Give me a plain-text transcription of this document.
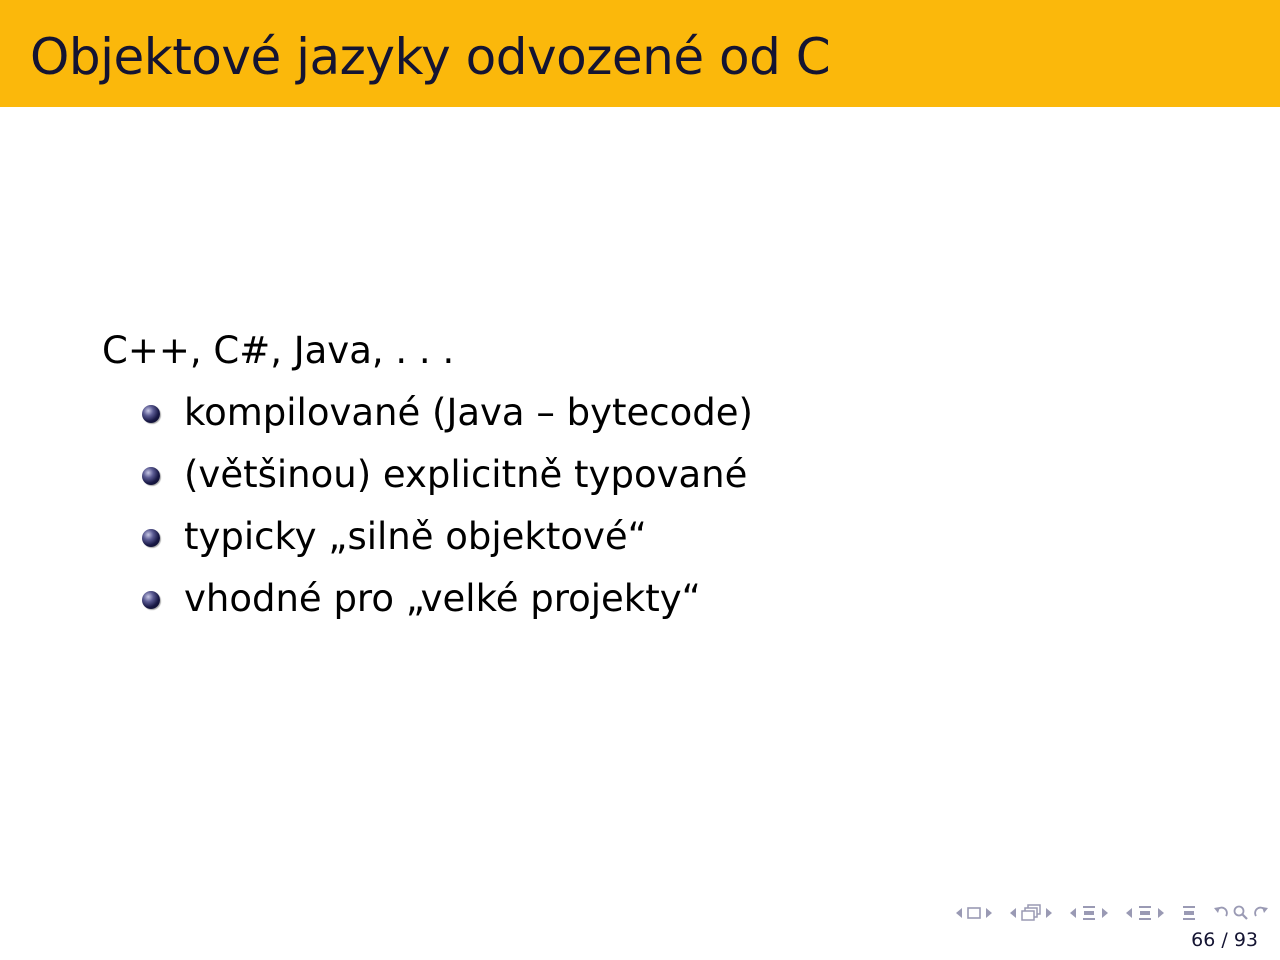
Objektové jazyky odvozené od C
C++, C#, Java, . . .
kompilované (Java – bytecode)
(většinou) explicitně typované
typicky „silně objektové“
vhodné pro „velké projekty“
66 / 93
